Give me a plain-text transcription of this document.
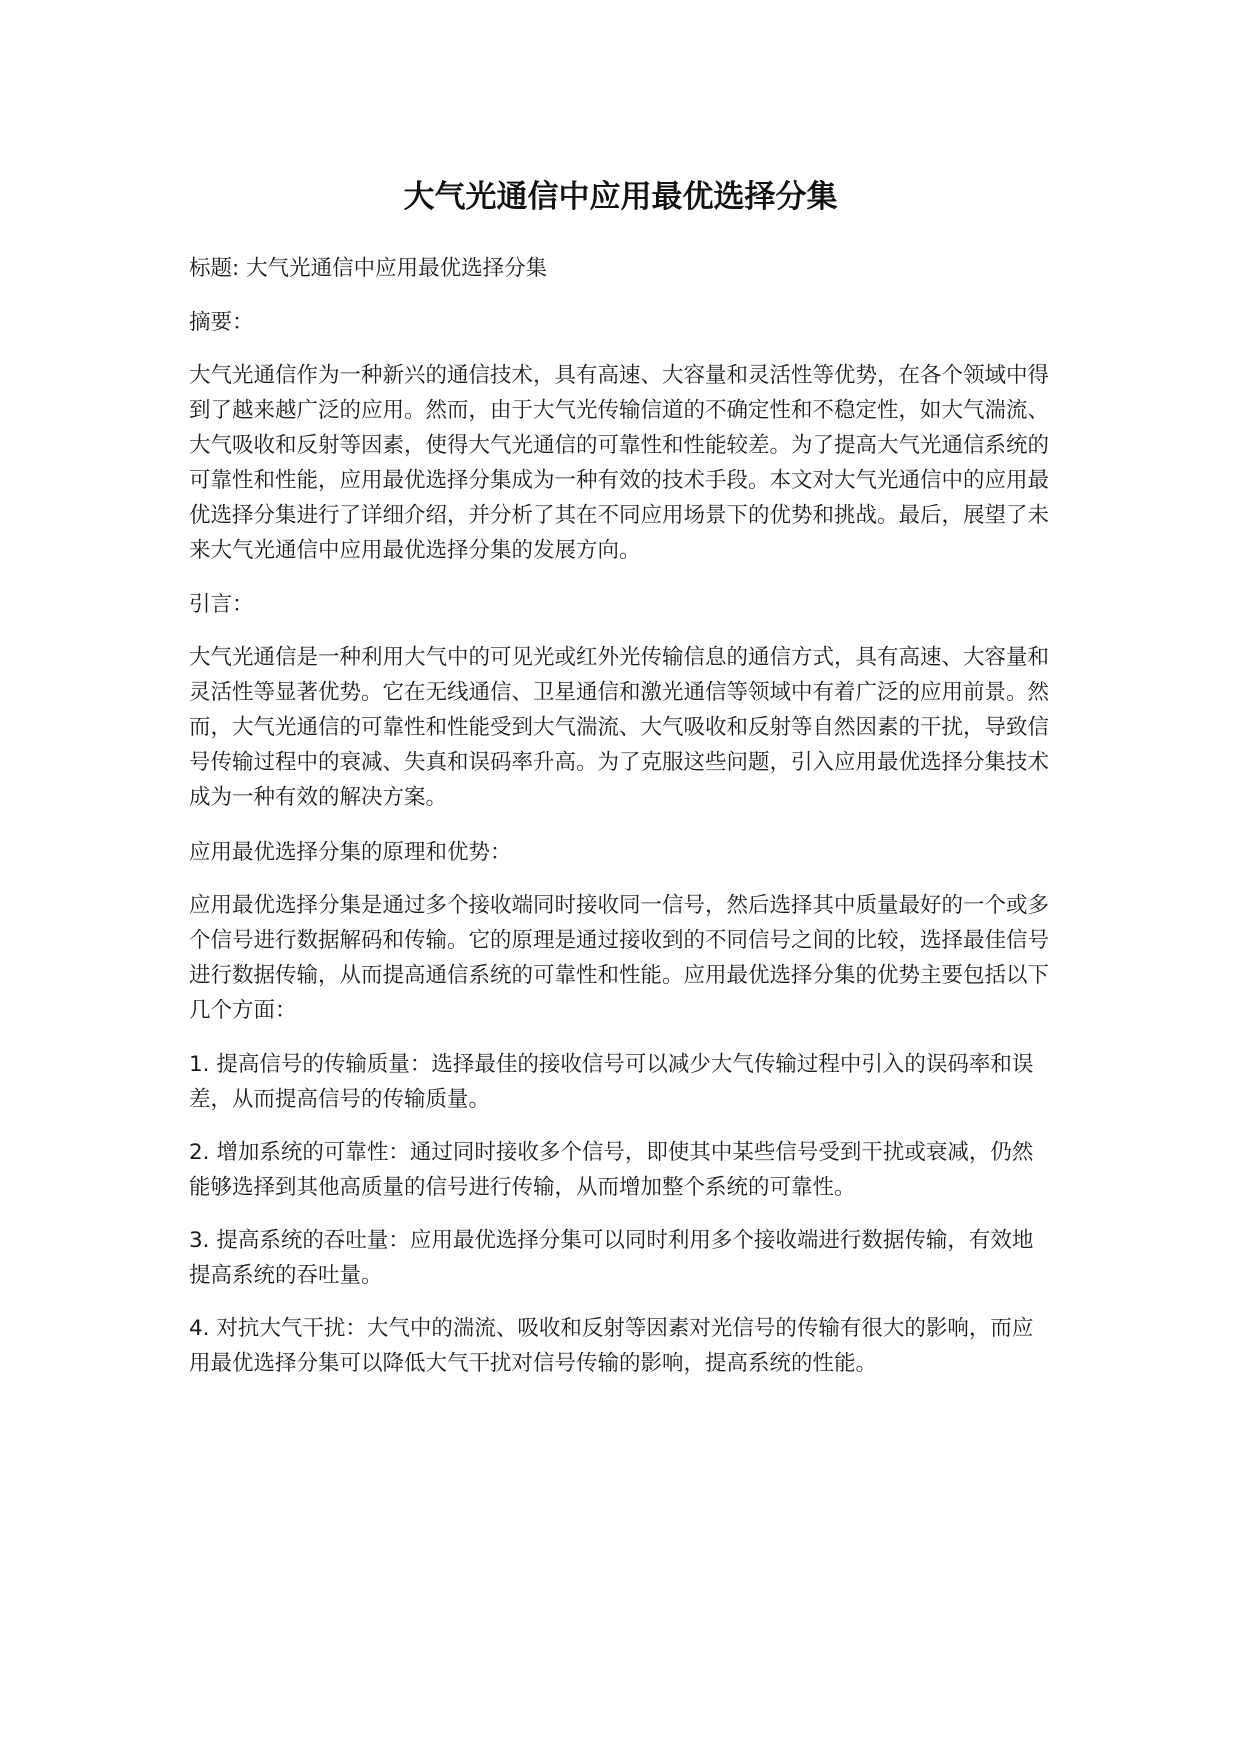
大气光通信中应用最优选择分集

标题: 大气光通信中应用最优选择分集

摘要：

大气光通信作为一种新兴的通信技术，具有高速、大容量和灵活性等优势，在各个领域中得到了越来越广泛的应用。然而，由于大气光传输信道的不确定性和不稳定性，如大气湍流、大气吸收和反射等因素，使得大气光通信的可靠性和性能较差。为了提高大气光通信系统的可靠性和性能，应用最优选择分集成为一种有效的技术手段。本文对大气光通信中的应用最优选择分集进行了详细介绍，并分析了其在不同应用场景下的优势和挑战。最后，展望了未来大气光通信中应用最优选择分集的发展方向。

引言：

大气光通信是一种利用大气中的可见光或红外光传输信息的通信方式，具有高速、大容量和灵活性等显著优势。它在无线通信、卫星通信和激光通信等领域中有着广泛的应用前景。然而，大气光通信的可靠性和性能受到大气湍流、大气吸收和反射等自然因素的干扰，导致信号传输过程中的衰减、失真和误码率升高。为了克服这些问题，引入应用最优选择分集技术成为一种有效的解决方案。

应用最优选择分集的原理和优势：

应用最优选择分集是通过多个接收端同时接收同一信号，然后选择其中质量最好的一个或多个信号进行数据解码和传输。它的原理是通过接收到的不同信号之间的比较，选择最佳信号进行数据传输，从而提高通信系统的可靠性和性能。应用最优选择分集的优势主要包括以下几个方面：

1. 提高信号的传输质量：选择最佳的接收信号可以减少大气传输过程中引入的误码率和误差，从而提高信号的传输质量。

2. 增加系统的可靠性：通过同时接收多个信号，即使其中某些信号受到干扰或衰减，仍然能够选择到其他高质量的信号进行传输，从而增加整个系统的可靠性。

3. 提高系统的吞吐量：应用最优选择分集可以同时利用多个接收端进行数据传输，有效地提高系统的吞吐量。

4. 对抗大气干扰：大气中的湍流、吸收和反射等因素对光信号的传输有很大的影响，而应用最优选择分集可以降低大气干扰对信号传输的影响，提高系统的性能。
